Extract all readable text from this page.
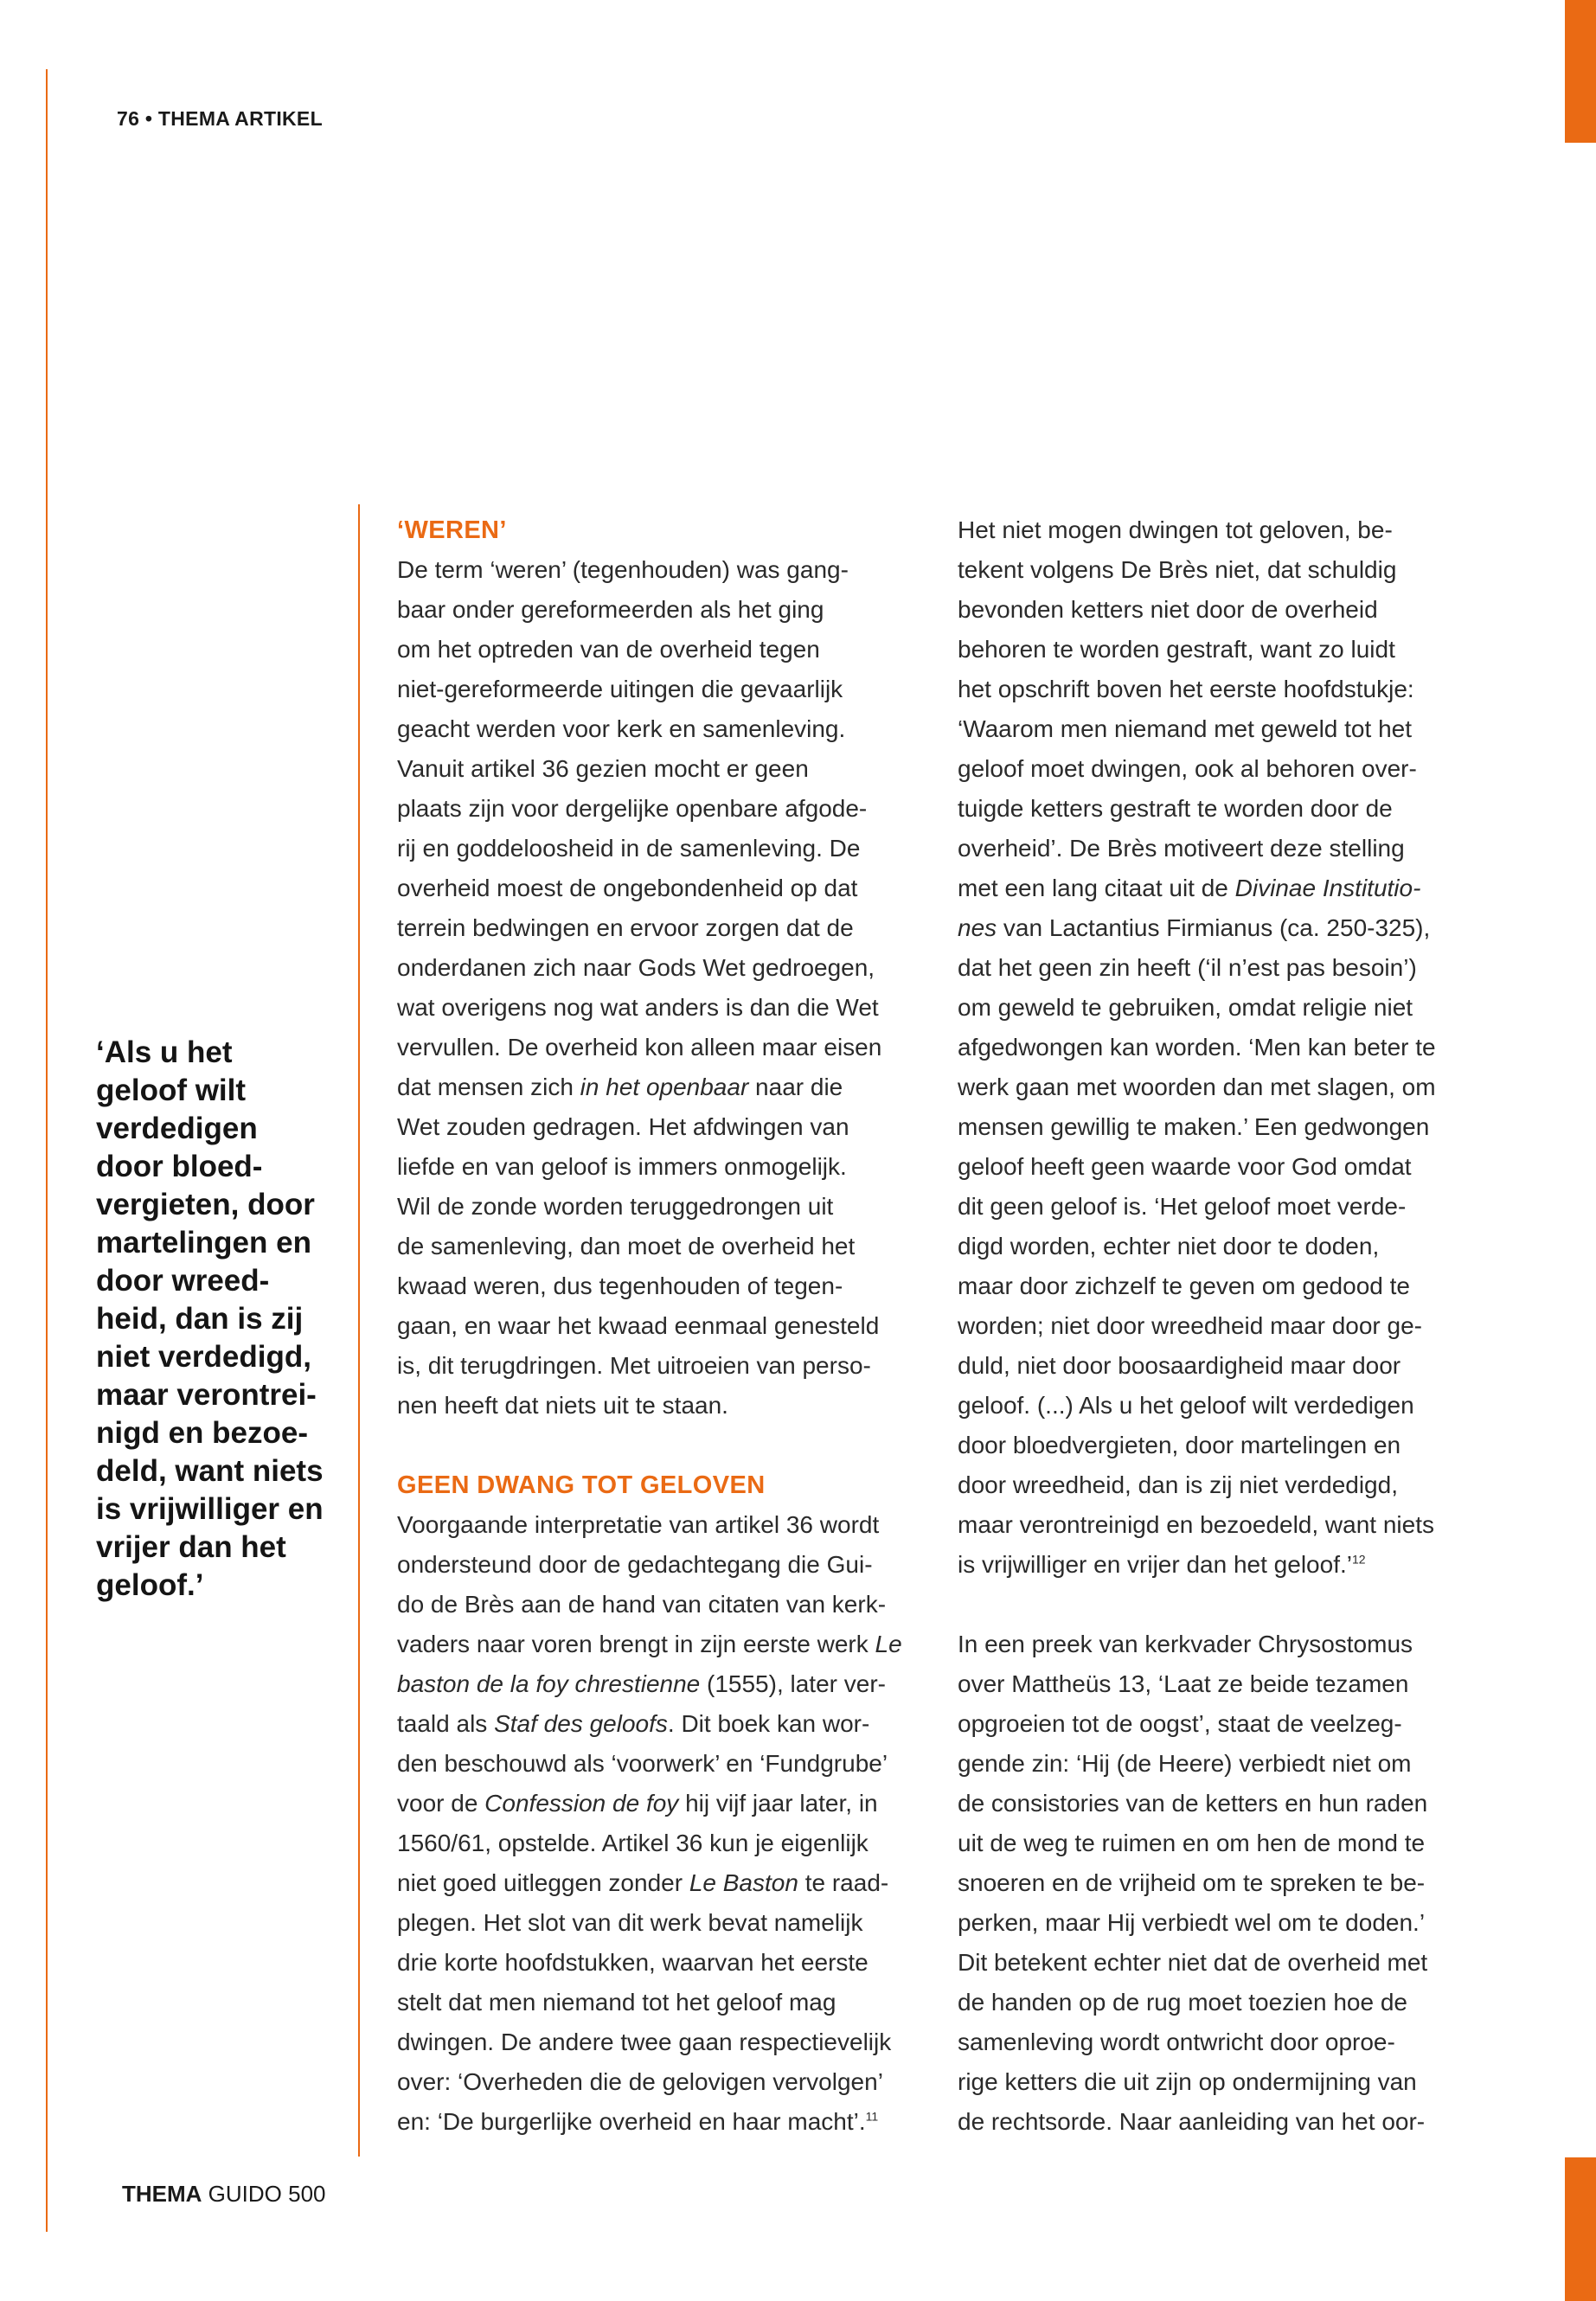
76 • THEMA ARTIKEL

‘Als u het
geloof wilt
verdedigen
door bloed-
vergieten, door
martelingen en
door wreed-
heid, dan is zij
niet verdedigd,
maar verontrei-
nigd en bezoe-
deld, want niets
is vrijwilliger en
vrijer dan het
geloof.’

‘WEREN’

De term ‘weren’ (tegenhouden) was gang-
baar onder gereformeerden als het ging
om het optreden van de overheid tegen
niet-gereformeerde uitingen die gevaarlijk
geacht werden voor kerk en samenleving.
Vanuit artikel 36 gezien mocht er geen
plaats zijn voor dergelijke openbare afgode-
rij en goddeloosheid in de samenleving. De
overheid moest de ongebondenheid op dat
terrein bedwingen en ervoor zorgen dat de
onderdanen zich naar Gods Wet gedroegen,
wat overigens nog wat anders is dan die Wet
vervullen. De overheid kon alleen maar eisen
dat mensen zich in het openbaar naar die
Wet zouden gedragen. Het afdwingen van
liefde en van geloof is immers onmogelijk.
Wil de zonde worden teruggedrongen uit
de samenleving, dan moet de overheid het
kwaad weren, dus tegenhouden of tegen-
gaan, en waar het kwaad eenmaal genesteld
is, dit terugdringen. Met uitroeien van perso-
nen heeft dat niets uit te staan.

GEEN DWANG TOT GELOVEN

Voorgaande interpretatie van artikel 36 wordt
ondersteund door de gedachtegang die Gui-
do de Brès aan de hand van citaten van kerk-
vaders naar voren brengt in zijn eerste werk Le
baston de la foy chrestienne (1555), later ver-
taald als Staf des geloofs. Dit boek kan wor-
den beschouwd als ‘voorwerk’ en ‘Fundgrube’
voor de Confession de foy hij vijf jaar later, in
1560/61, opstelde. Artikel 36 kun je eigenlijk
niet goed uitleggen zonder Le Baston te raad-
plegen. Het slot van dit werk bevat namelijk
drie korte hoofdstukken, waarvan het eerste
stelt dat men niemand tot het geloof mag
dwingen. De andere twee gaan respectievelijk
over: ‘Overheden die de gelovigen vervolgen’
en: ‘De burgerlijke overheid en haar macht’.$^{11}$

Het niet mogen dwingen tot geloven, be-
tekent volgens De Brès niet, dat schuldig
bevonden ketters niet door de overheid
behoren te worden gestraft, want zo luidt
het opschrift boven het eerste hoofdstukje:
‘Waarom men niemand met geweld tot het
geloof moet dwingen, ook al behoren over-
tuigde ketters gestraft te worden door de
overheid’. De Brès motiveert deze stelling
met een lang citaat uit de Divinae Institutio-
nes van Lactantius Firmianus (ca. 250-325),
dat het geen zin heeft (‘il n’est pas besoin’)
om geweld te gebruiken, omdat religie niet
afgedwongen kan worden. ‘Men kan beter te
werk gaan met woorden dan met slagen, om
mensen gewillig te maken.’ Een gedwongen
geloof heeft geen waarde voor God omdat
dit geen geloof is. ‘Het geloof moet verde-
digd worden, echter niet door te doden,
maar door zichzelf te geven om gedood te
worden; niet door wreedheid maar door ge-
duld, niet door boosaardigheid maar door
geloof. (...) Als u het geloof wilt verdedigen
door bloedvergieten, door martelingen en
door wreedheid, dan is zij niet verdedigd,
maar verontreinigd en bezoedeld, want niets
is vrijwilliger en vrijer dan het geloof.’$^{12}$

In een preek van kerkvader Chrysostomus
over Mattheüs 13, ‘Laat ze beide tezamen
opgroeien tot de oogst’, staat de veelzeg-
gende zin: ‘Hij (de Heere) verbiedt niet om
de consistories van de ketters en hun raden
uit de weg te ruimen en om hen de mond te
snoeren en de vrijheid om te spreken te be-
perken, maar Hij verbiedt wel om te doden.’
Dit betekent echter niet dat de overheid met
de handen op de rug moet toezien hoe de
samenleving wordt ontwricht door oproe-
rige ketters die uit zijn op ondermijning van
de rechtsorde. Naar aanleiding van het oor-

THEMA GUIDO 500
